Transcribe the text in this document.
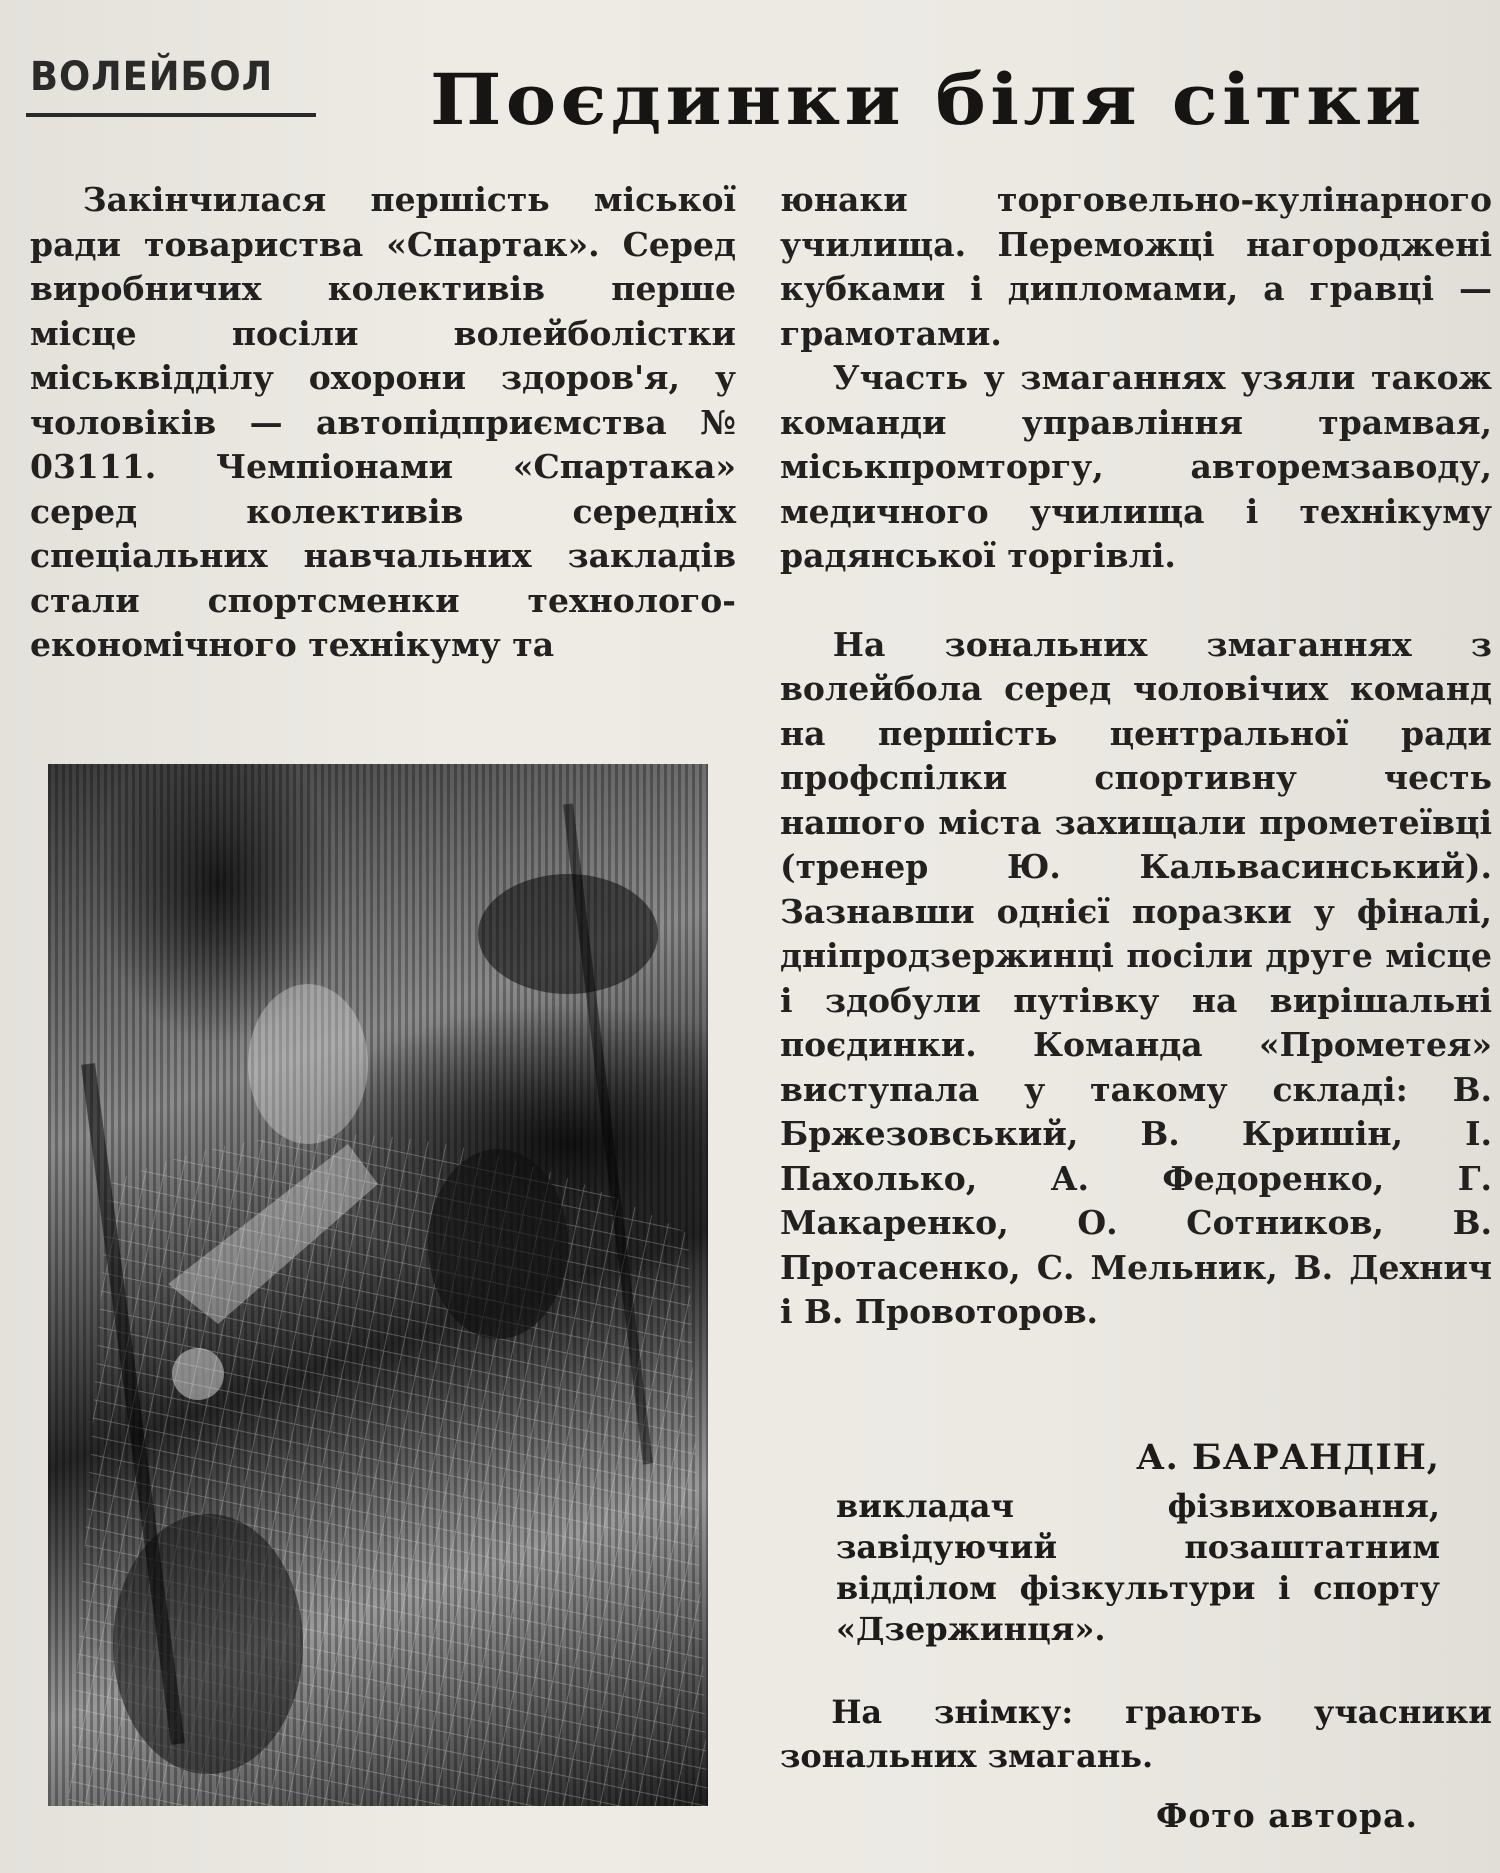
ВОЛЕЙБОЛ	Поєдинки біля сітки

Закінчилася першість міської ради товариства «Спартак». Серед виробничих колективів перше місце посіли волейболістки міськвідділу охорони здоров'я, у чоловіків — автопідприємства № 03111. Чемпіонами «Спартака» серед колективів середніх спеціальних навчальних закладів стали спортсменки технолого-економічного технікуму та

юнаки торговельно-кулінарного училища. Переможці нагороджені кубками і дипломами, а гравці — грамотами.

Участь у змаганнях узяли також команди управління трамвая, міськпромторгу, авторемзаводу, медичного училища і технікуму радянської торгівлі.

На зональних змаганнях з волейбола серед чоловічих команд на першість центральної ради профспілки спортивну честь нашого міста захищали прометеївці (тренер Ю. Кальвасинський). Зазнавши однієї поразки у фіналі, дніпродзержинці посіли друге місце і здобули путівку на вирішальні поєдинки. Команда «Прометея» виступала у такому складі: В. Бржезовський, В. Кришін, І. Пахолько, А. Федоренко, Г. Макаренко, О. Сотников, В. Протасенко, С. Мельник, В. Дехнич і В. Провоторов.

А. БАРАНДІН,
викладач фізвиховання, завідуючий позаштатним відділом фізкультури і спорту «Дзержинця».

На знімку: грають учасники зональних змагань.

Фото автора.
